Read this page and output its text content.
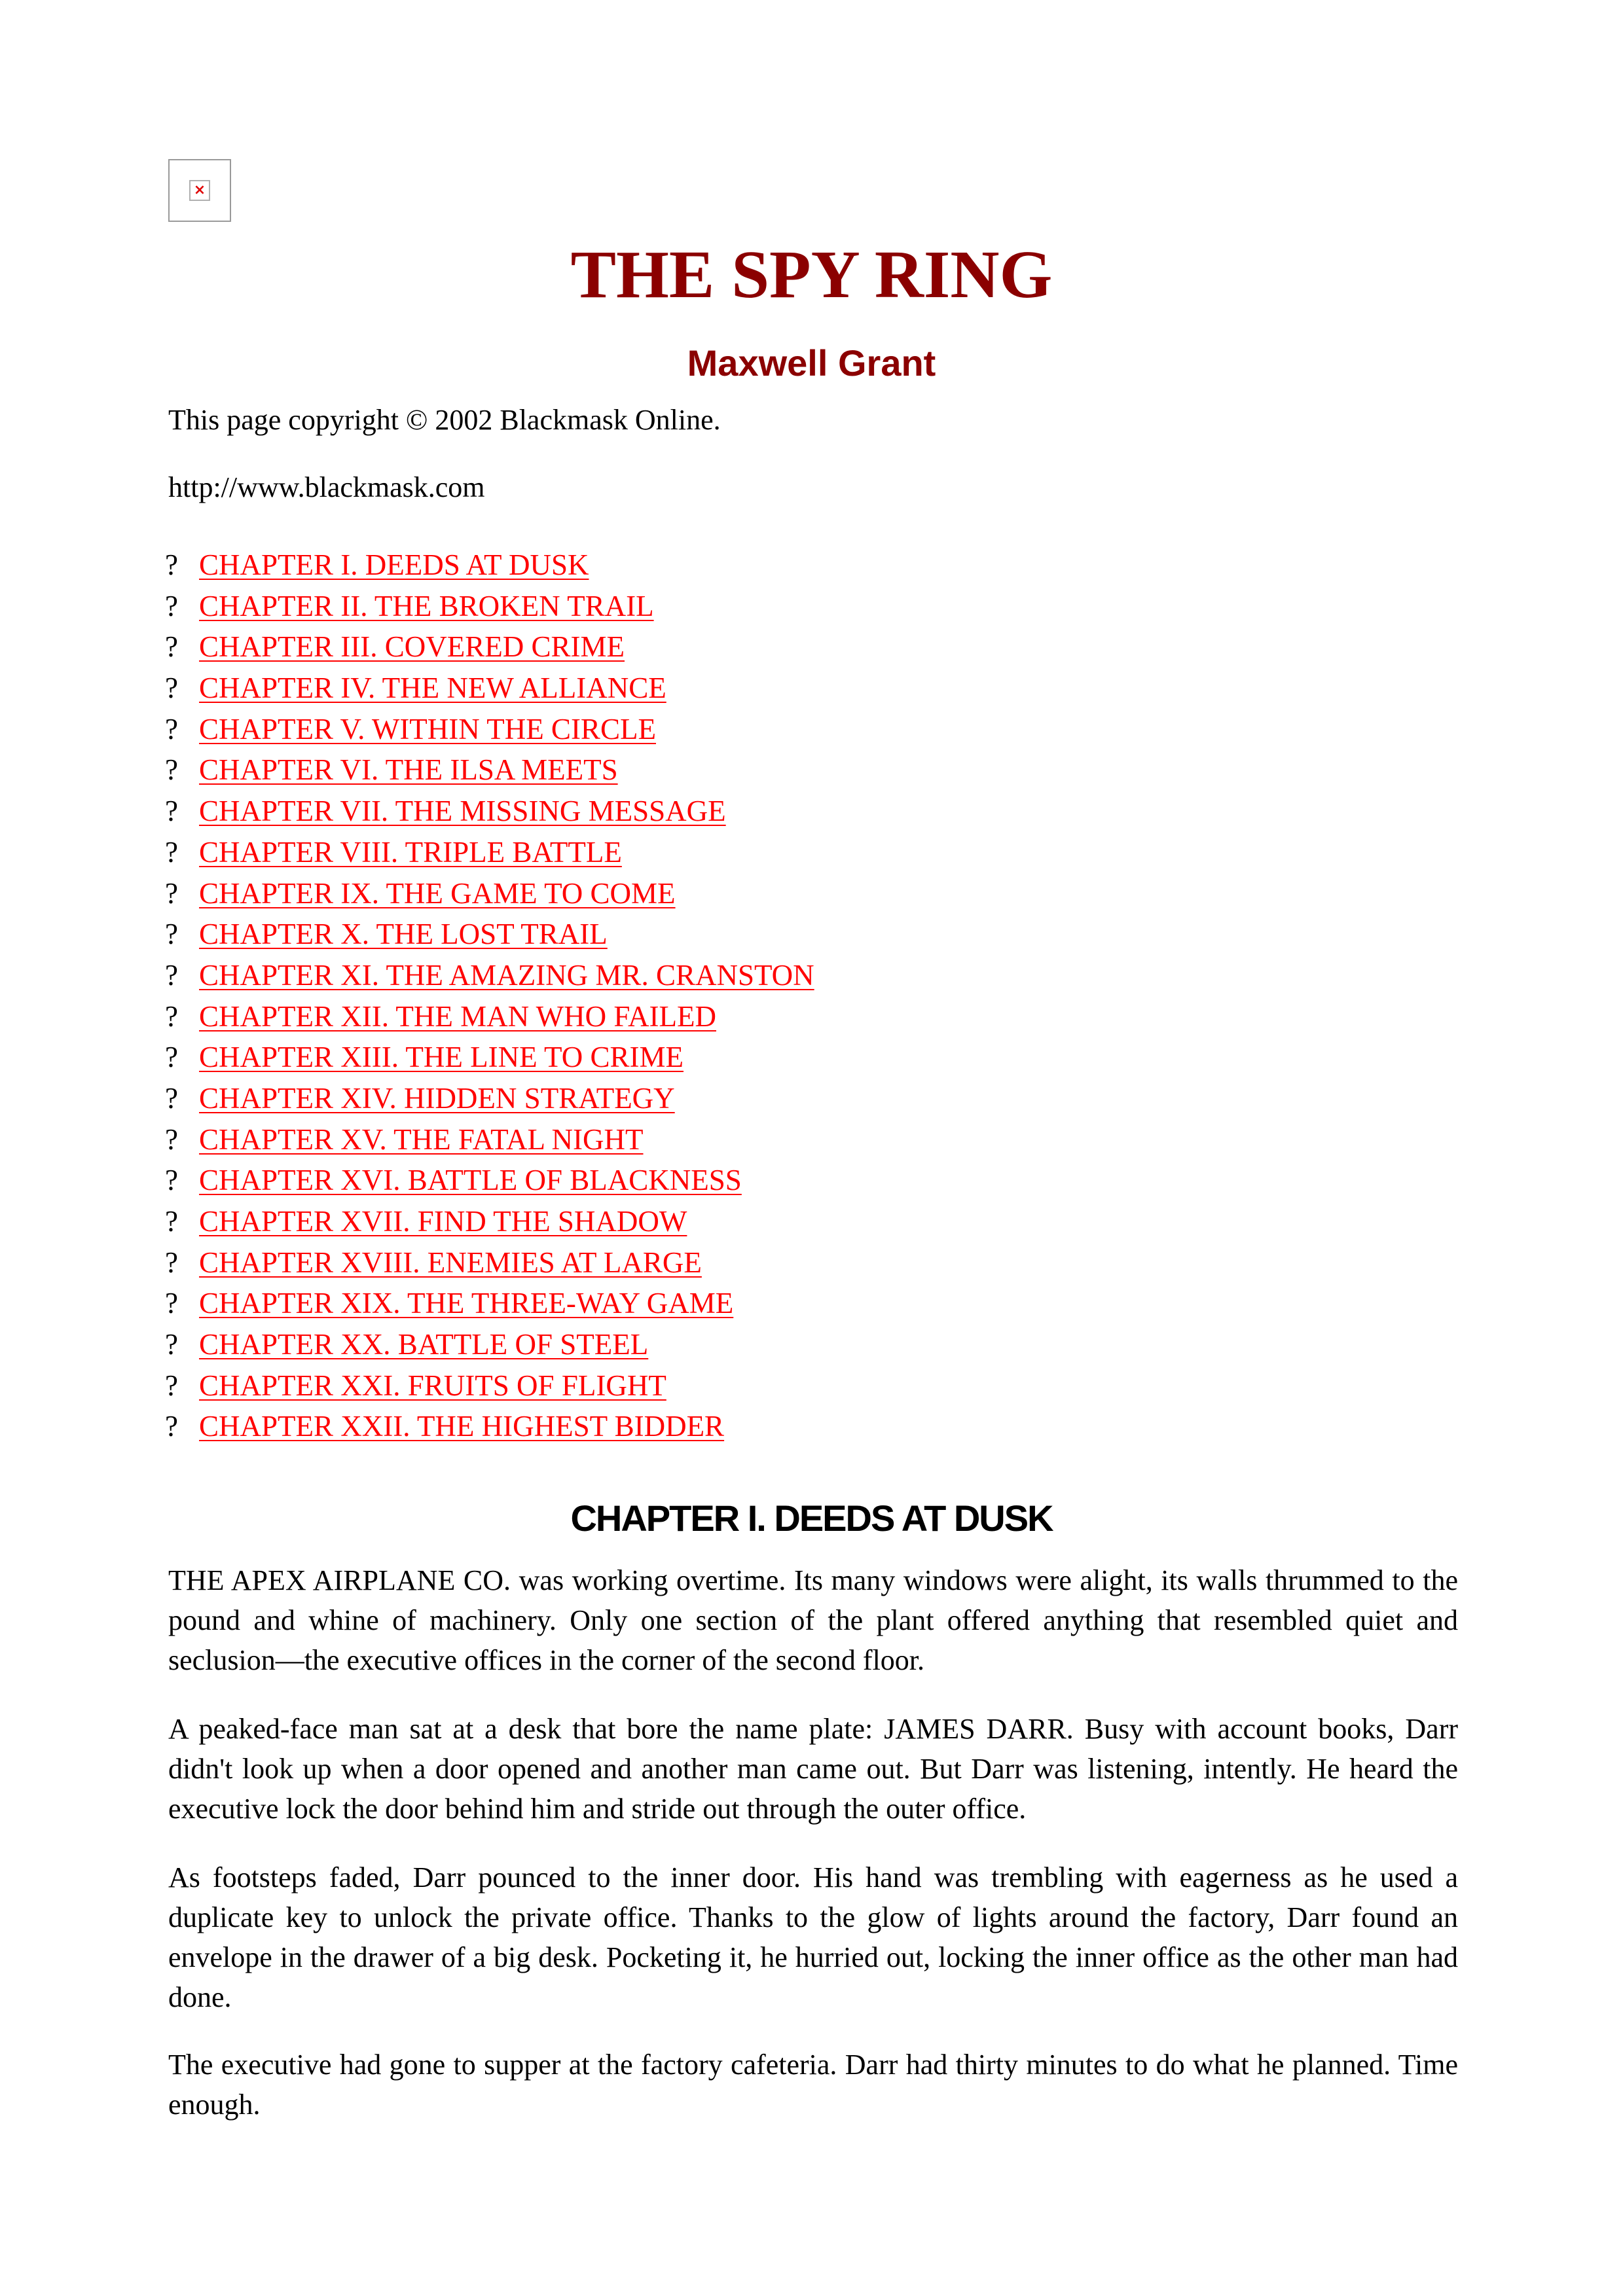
×
THE SPY RING
Maxwell Grant

This page copyright © 2002 Blackmask Online.

http://www.blackmask.com

? CHAPTER I. DEEDS AT DUSK
? CHAPTER II. THE BROKEN TRAIL
? CHAPTER III. COVERED CRIME
? CHAPTER IV. THE NEW ALLIANCE
? CHAPTER V. WITHIN THE CIRCLE
? CHAPTER VI. THE ILSA MEETS
? CHAPTER VII. THE MISSING MESSAGE
? CHAPTER VIII. TRIPLE BATTLE
? CHAPTER IX. THE GAME TO COME
? CHAPTER X. THE LOST TRAIL
? CHAPTER XI. THE AMAZING MR. CRANSTON
? CHAPTER XII. THE MAN WHO FAILED
? CHAPTER XIII. THE LINE TO CRIME
? CHAPTER XIV. HIDDEN STRATEGY
? CHAPTER XV. THE FATAL NIGHT
? CHAPTER XVI. BATTLE OF BLACKNESS
? CHAPTER XVII. FIND THE SHADOW
? CHAPTER XVIII. ENEMIES AT LARGE
? CHAPTER XIX. THE THREE-WAY GAME
? CHAPTER XX. BATTLE OF STEEL
? CHAPTER XXI. FRUITS OF FLIGHT
? CHAPTER XXII. THE HIGHEST BIDDER
CHAPTER I. DEEDS AT DUSK

THE APEX AIRPLANE CO. was working overtime. Its many windows were alight, its walls thrummed to the pound and whine of machinery. Only one section of the plant offered anything that resembled quiet and seclusion—the executive offices in the corner of the second floor.

A peaked-face man sat at a desk that bore the name plate: JAMES DARR. Busy with account books, Darr didn't look up when a door opened and another man came out. But Darr was listening, intently. He heard the executive lock the door behind him and stride out through the outer office.

As footsteps faded, Darr pounced to the inner door. His hand was trembling with eagerness as he used a duplicate key to unlock the private office. Thanks to the glow of lights around the factory, Darr found an envelope in the drawer of a big desk. Pocketing it, he hurried out, locking the inner office as the other man had done.

The executive had gone to supper at the factory cafeteria. Darr had thirty minutes to do what he planned. Time enough.
